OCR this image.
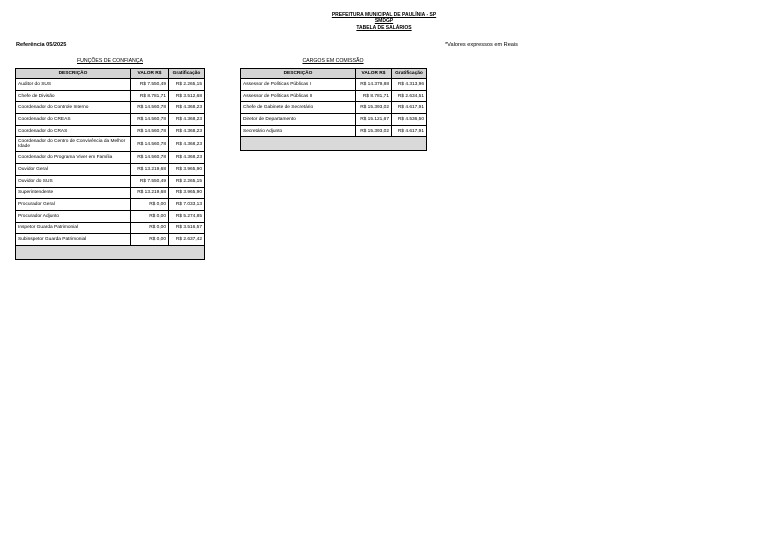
PREFEITURA MUNICIPAL DE PAULÍNIA - SP
SMDGP
TABELA DE SALÁRIOS
Referência 05/2025	*Valores expressos em Reais
FUNÇÕES DE CONFIANÇA	CARGOS EM COMISSÃO
DESCRIÇÃO	VALOR R$	Gratificação
Auditor do SUS	R$ 7.550,49	R$ 2.265,15
Chefe de Divisão	R$ 8.781,71	R$ 3.512,68
Coordenador do Controle Interno	R$ 14.560,78	R$ 4.368,23
Coordenador do CREAS	R$ 14.560,78	R$ 4.368,23
Coordenador do CRAS	R$ 14.560,78	R$ 4.368,23
Coordenador do Centro de Convivência da Melhor Idade	R$ 14.560,78	R$ 4.368,23
Coordenador do Programa Viver em Família	R$ 14.560,78	R$ 4.368,23
Ouvidor Geral	R$ 13.219,68	R$ 3.965,90
Ouvidor do SUS	R$ 7.550,49	R$ 2.265,15
Superintendente	R$ 13.219,68	R$ 3.965,90
Procurador Geral	R$ 0,00	R$ 7.033,13
Procurador Adjunto	R$ 0,00	R$ 5.274,85
Inspetor Guarda Patrimonial	R$ 0,00	R$ 3.516,57
Subinspetor Guarda Patrimonial	R$ 0,00	R$ 2.637,42

DESCRIÇÃO	VALOR R$	Gratificação
Assessor de Políticas Públicas I	R$ 14.379,88	R$ 4.313,96
Assessor de Políticas Públicas II	R$ 8.781,71	R$ 2.634,51
Chefe de Gabinete de Secretário	R$ 15.393,02	R$ 4.617,91
Diretor de Departamento	R$ 15.121,67	R$ 4.536,50
Secretário Adjunto	R$ 15.393,02	R$ 4.617,91
